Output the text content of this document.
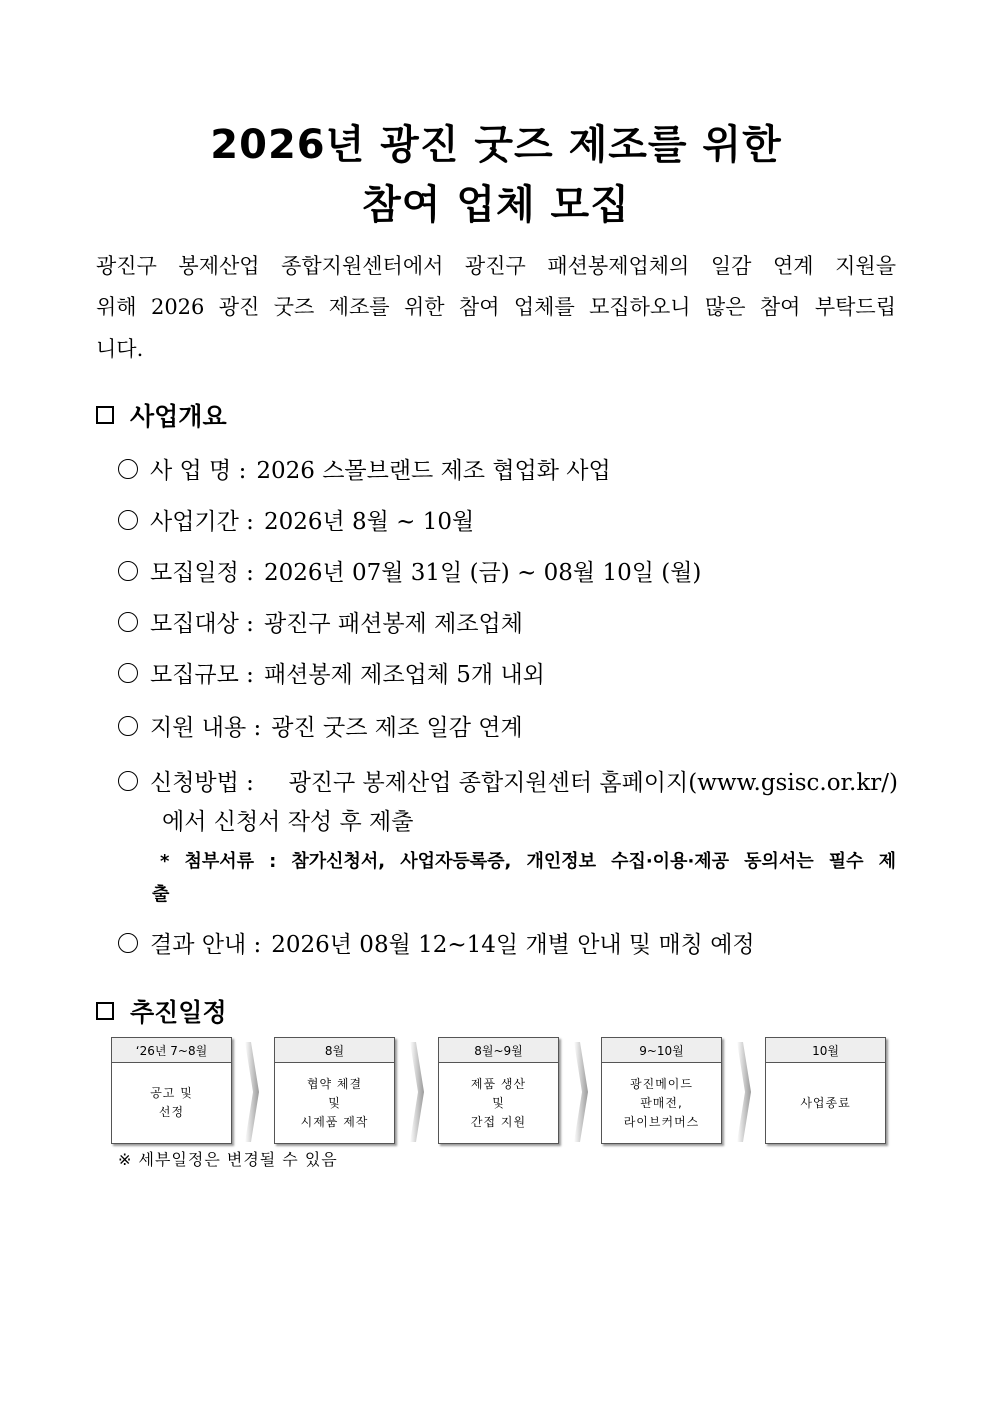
2026년 광진 굿즈 제조를 위한
참여 업체 모집
광진구 봉제산업 종합지원센터에서 광진구 패션봉제업체의 일감 연계 지원을
위해 2026 광진 굿즈 제조를 위한 참여 업체를 모집하오니 많은 참여 부탁드립
니다.
사업개요
사 업 명 : 2026 스몰브랜드 제조 협업화 사업
사업기간 : 2026년 8월 ~ 10월
모집일정 : 2026년 07월 31일 (금) ~ 08월 10일 (월)
모집대상 : 광진구 패션봉제 제조업체
모집규모 : 패션봉제 제조업체 5개 내외
지원 내용 : 광진 굿즈 제조 일감 연계
신청방법 :	광진구 봉제산업 종합지원센터 홈페이지(www.gsisc.or.kr/)
에서 신청서 작성 후 제출
* 첨부서류 : 참가신청서, 사업자등록증, 개인정보 수집·이용·제공 동의서는 필수 제
출
결과 안내 : 2026년 08월 12~14일 개별 안내 및 매칭 예정
추진일정
‘26년 7~8월
공고 및
선정
8월
협약 체결
및
시제품 제작
8월~9월
제품 생산
및
간접 지원
9~10월
광진메이드
판매전,
라이브커머스
10월
사업종료
※ 세부일정은 변경될 수 있음
